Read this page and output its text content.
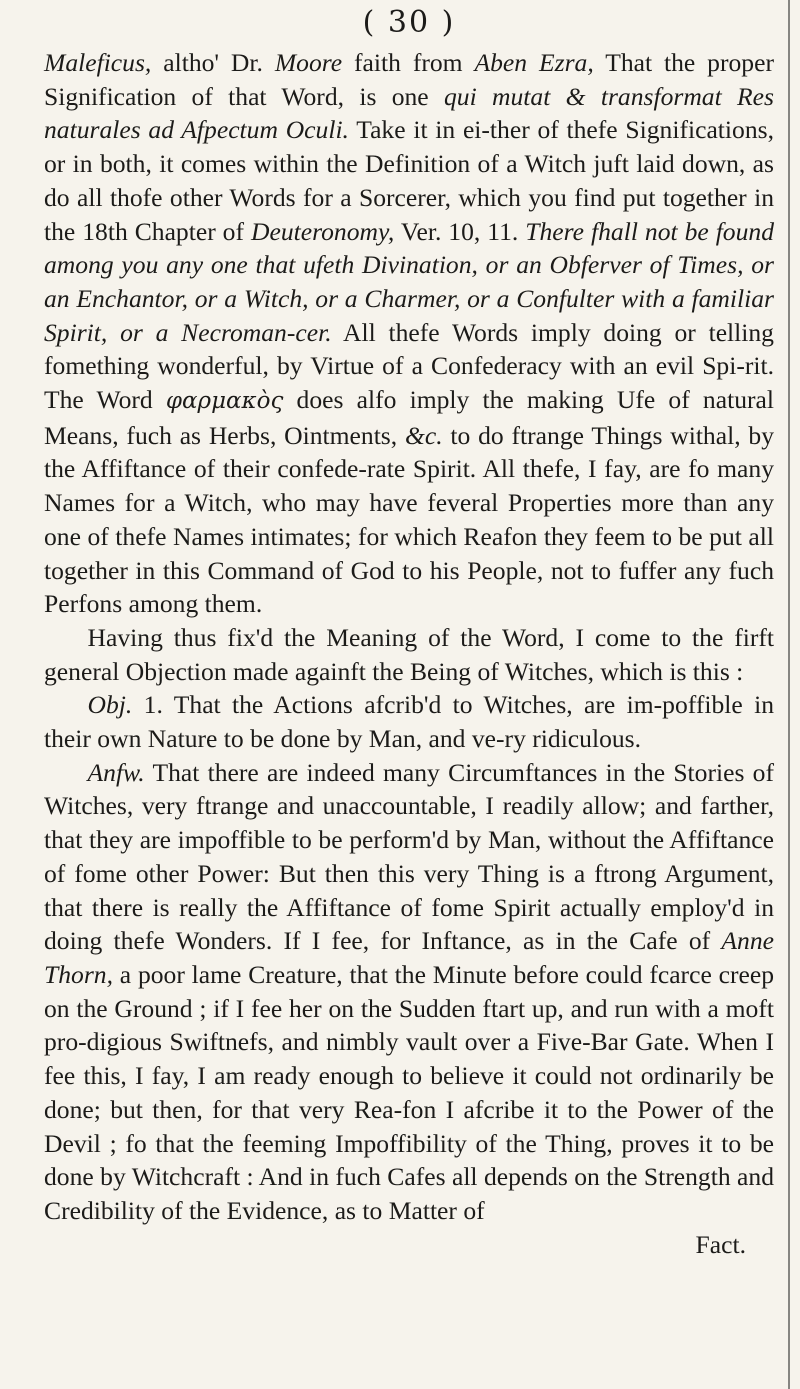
( 30 )

Maleficus, altho' Dr. Moore faith from Aben Ezra, That the proper Signification of that Word, is one qui mutat & transformat Res naturales ad Afpectum Oculi. Take it in ei-ther of thefe Significations, or in both, it comes within the Definition of a Witch juft laid down, as do all thofe other Words for a Sorcerer, which you find put together in the 18th Chapter of Deuteronomy, Ver. 10, 11. There fhall not be found among you any one that ufeth Divination, or an Obferver of Times, or an Enchantor, or a Witch, or a Charmer, or a Confulter with a familiar Spirit, or a Necroman-cer. All thefe Words imply doing or telling fomething wonderful, by Virtue of a Confederacy with an evil Spi-rit. The Word φαρμακὸς does alfo imply the making Ufe of natural Means, fuch as Herbs, Ointments, &c. to do ftrange Things withal, by the Affiftance of their confede-rate Spirit. All thefe, I fay, are fo many Names for a Witch, who may have feveral Properties more than any one of thefe Names intimates; for which Reafon they feem to be put all together in this Command of God to his People, not to fuffer any fuch Perfons among them.

Having thus fix'd the Meaning of the Word, I come to the firft general Objection made againft the Being of Witches, which is this :

Obj. 1. That the Actions afcrib'd to Witches, are im-poffible in their own Nature to be done by Man, and ve-ry ridiculous.

Anfw. That there are indeed many Circumftances in the Stories of Witches, very ftrange and unaccountable, I readily allow; and farther, that they are impoffible to be perform'd by Man, without the Affiftance of fome other Power: But then this very Thing is a ftrong Argument, that there is really the Affiftance of fome Spirit actually employ'd in doing thefe Wonders. If I fee, for Inftance, as in the Cafe of Anne Thorn, a poor lame Creature, that the Minute before could fcarce creep on the Ground ; if I fee her on the Sudden ftart up, and run with a moft pro-digious Swiftnefs, and nimbly vault over a Five-Bar Gate. When I fee this, I fay, I am ready enough to believe it could not ordinarily be done; but then, for that very Rea-fon I afcribe it to the Power of the Devil ; fo that the feeming Impoffibility of the Thing, proves it to be done by Witchcraft : And in fuch Cafes all depends on the Strength and Credibility of the Evidence, as to Matter of

Fact.
